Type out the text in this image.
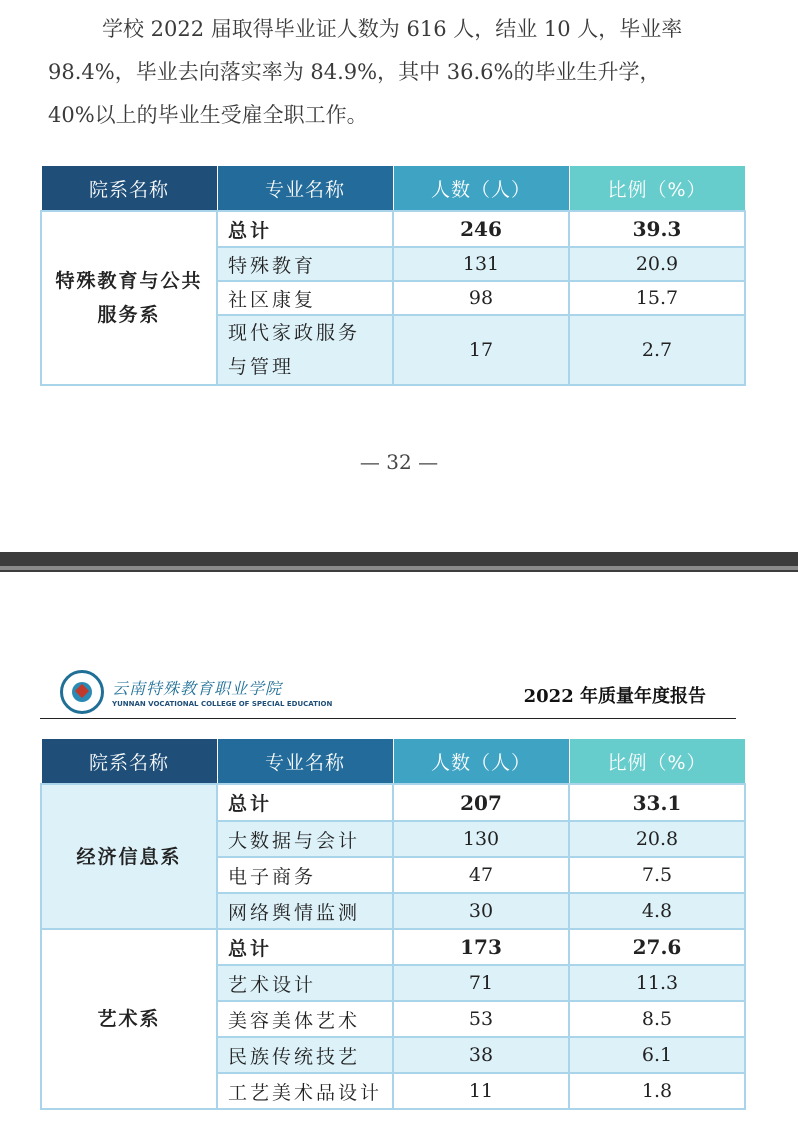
学校 2022 届取得毕业证人数为 616 人，结业 10 人，毕业率
98.4%，毕业去向落实率为 84.9%，其中 36.6%的毕业生升学，
40%以上的毕业生受雇全职工作。
院系名称	专业名称	人数（人）	比例（%）
特殊教育与公共服务系	总计	246	39.3
	特殊教育	131	20.9
	社区康复	98	15.7
	现代家政服务与管理	17	2.7
— 32 —
云南特殊教育职业学院
YUNNAN VOCATIONAL COLLEGE OF SPECIAL EDUCATION	2022 年质量年度报告
院系名称	专业名称	人数（人）	比例（%）
经济信息系	总计	207	33.1
	大数据与会计	130	20.8
	电子商务	47	7.5
	网络舆情监测	30	4.8
艺术系	总计	173	27.6
	艺术设计	71	11.3
	美容美体艺术	53	8.5
	民族传统技艺	38	6.1
	工艺美术品设计	11	1.8
